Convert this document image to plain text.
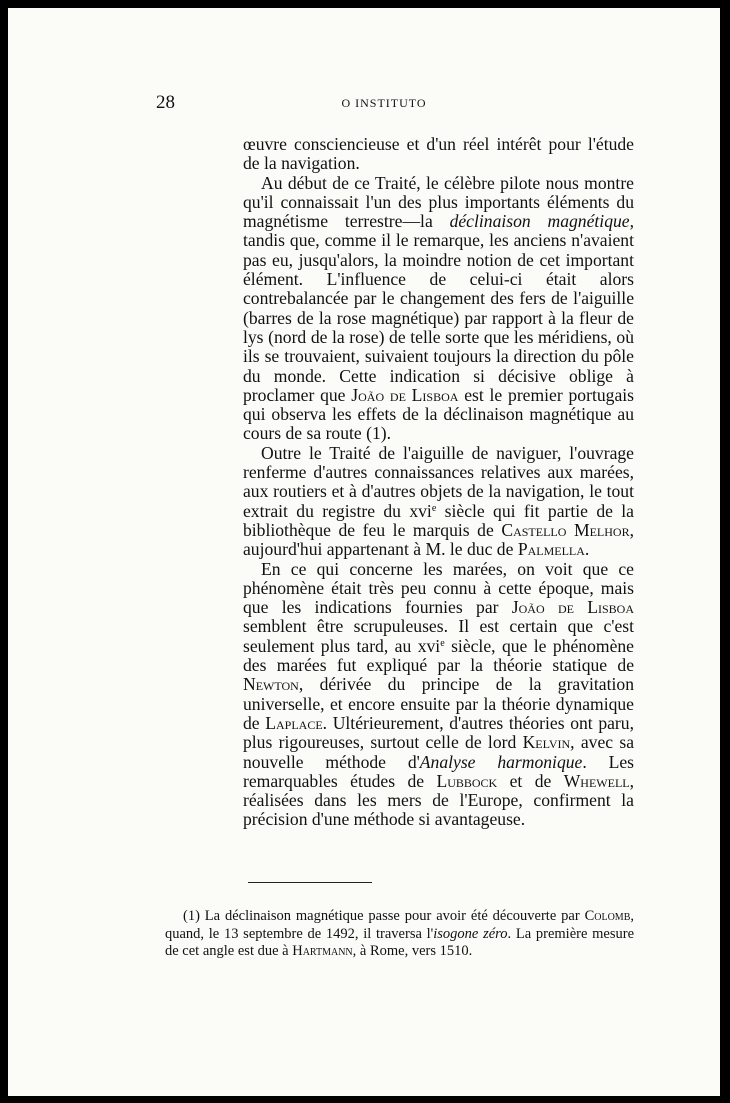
28	O INSTITUTO

œuvre consciencieuse et d'un réel intérêt pour l'étude de la navigation.

Au début de ce Traité, le célèbre pilote nous montre qu'il connaissait l'un des plus importants éléments du magnétisme terrestre—la déclinaison magnétique, tandis que, comme il le remarque, les anciens n'avaient pas eu, jusqu'alors, la moindre notion de cet important élément. L'influence de celui-ci était alors contrebalancée par le changement des fers de l'aiguille (barres de la rose magnétique) par rapport à la fleur de lys (nord de la rose) de telle sorte que les méridiens, où ils se trouvaient, suivaient toujours la direction du pôle du monde. Cette indication si décisive oblige à proclamer que João de Lisboa est le premier portugais qui observa les effets de la déclinaison magnétique au cours de sa route (1).

Outre le Traité de l'aiguille de naviguer, l'ouvrage renferme d'autres connaissances relatives aux marées, aux routiers et à d'autres objets de la navigation, le tout extrait du registre du xvi$^e$ siècle qui fit partie de la bibliothèque de feu le marquis de Castello Melhor, aujourd'hui appartenant à M. le duc de Palmella.

En ce qui concerne les marées, on voit que ce phénomène était très peu connu à cette époque, mais que les indications fournies par João de Lisboa semblent être scrupuleuses. Il est certain que c'est seulement plus tard, au xvi$^e$ siècle, que le phénomène des marées fut expliqué par la théorie statique de Newton, dérivée du principe de la gravitation universelle, et encore ensuite par la théorie dynamique de Laplace. Ultérieurement, d'autres théories ont paru, plus rigoureuses, surtout celle de lord Kelvin, avec sa nouvelle méthode d'Analyse harmonique. Les remarquables études de Lubbock et de Whewell, réalisées dans les mers de l'Europe, confirment la précision d'une méthode si avantageuse.

(1) La déclinaison magnétique passe pour avoir été découverte par Colomb, quand, le 13 septembre de 1492, il traversa l'isogone zéro. La première mesure de cet angle est due à Hartmann, à Rome, vers 1510.
